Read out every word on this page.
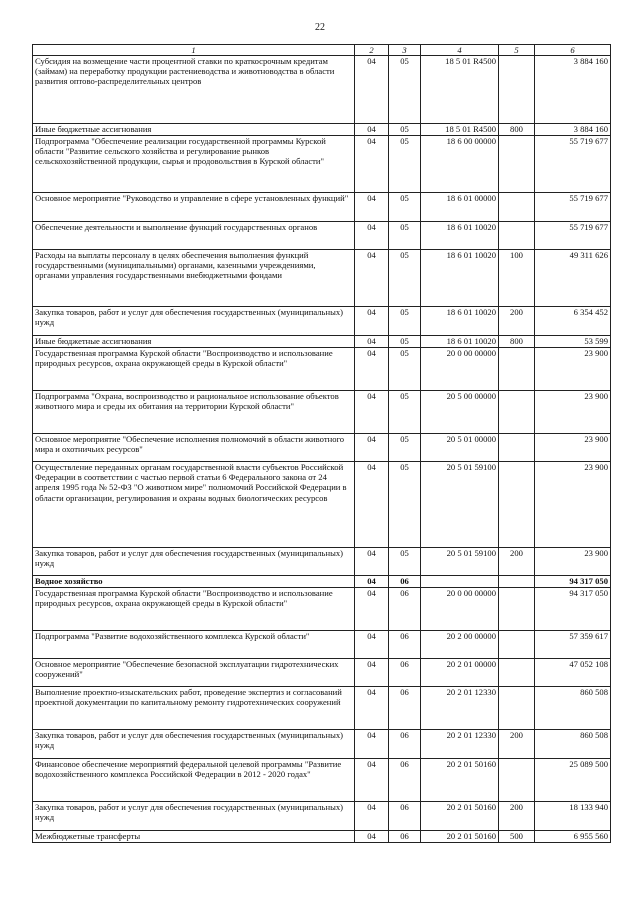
22
1	2	3	4	5	6
Субсидия на возмещение части процентной ставки по краткосрочным кредитам (займам) на переработку продукции растениеводства и животноводства в области развития оптово-распределительных центров	04	05	18 5 01 R4500		3 884 160
Иные бюджетные ассигнования	04	05	18 5 01 R4500	800	3 884 160
Подпрограмма "Обеспечение реализации государственной программы Курской области "Развитие сельского хозяйства и регулирование рынков сельскохозяйственной продукции, сырья и продовольствия в Курской области"	04	05	18 6 00 00000		55 719 677
Основное мероприятие "Руководство и управление в сфере установленных функций"	04	05	18 6 01 00000		55 719 677
Обеспечение деятельности и выполнение функций государственных органов	04	05	18 6 01 10020		55 719 677
Расходы на выплаты персоналу в целях обеспечения выполнения функций государственными (муниципальными) органами, казенными учреждениями, органами управления государственными внебюджетными фондами	04	05	18 6 01 10020	100	49 311 626
Закупка товаров, работ и услуг для обеспечения государственных (муниципальных) нужд	04	05	18 6 01 10020	200	6 354 452
Иные бюджетные ассигнования	04	05	18 6 01 10020	800	53 599
Государственная программа Курской области "Воспроизводство и использование природных ресурсов, охрана окружающей среды в Курской области"	04	05	20 0 00 00000		23 900
Подпрограмма "Охрана, воспроизводство и рациональное использование объектов животного мира и среды их обитания на территории Курской области"	04	05	20 5 00 00000		23 900
Основное мероприятие "Обеспечение исполнения полномочий в области животного мира и охотничьих ресурсов"	04	05	20 5 01 00000		23 900
Осуществление переданных органам государственной власти субъектов Российской Федерации в соответствии с частью первой статьи 6 Федерального закона от 24 апреля 1995 года № 52-ФЗ "О животном мире" полномочий Российской Федерации в области организации, регулирования и охраны водных биологических ресурсов	04	05	20 5 01 59100		23 900
Закупка товаров, работ и услуг для обеспечения государственных (муниципальных) нужд	04	05	20 5 01 59100	200	23 900
Водное хозяйство	04	06			94 317 050
Государственная программа Курской области "Воспроизводство и использование природных ресурсов, охрана окружающей среды в Курской области"	04	06	20 0 00 00000		94 317 050
Подпрограмма "Развитие водохозяйственного комплекса Курской области"	04	06	20 2 00 00000		57 359 617
Основное мероприятие "Обеспечение безопасной эксплуатации гидротехнических сооружений"	04	06	20 2 01 00000		47 052 108
Выполнение проектно-изыскательских работ, проведение экспертиз и согласований проектной документации по капитальному ремонту гидротехнических сооружений	04	06	20 2 01 12330		860 508
Закупка товаров, работ и услуг для обеспечения государственных (муниципальных) нужд	04	06	20 2 01 12330	200	860 508
Финансовое обеспечение мероприятий федеральной целевой программы "Развитие водохозяйственного комплекса Российской Федерации в 2012 - 2020 годах"	04	06	20 2 01 50160		25 089 500
Закупка товаров, работ и услуг для обеспечения государственных (муниципальных) нужд	04	06	20 2 01 50160	200	18 133 940
Межбюджетные трансферты	04	06	20 2 01 50160	500	6 955 560
